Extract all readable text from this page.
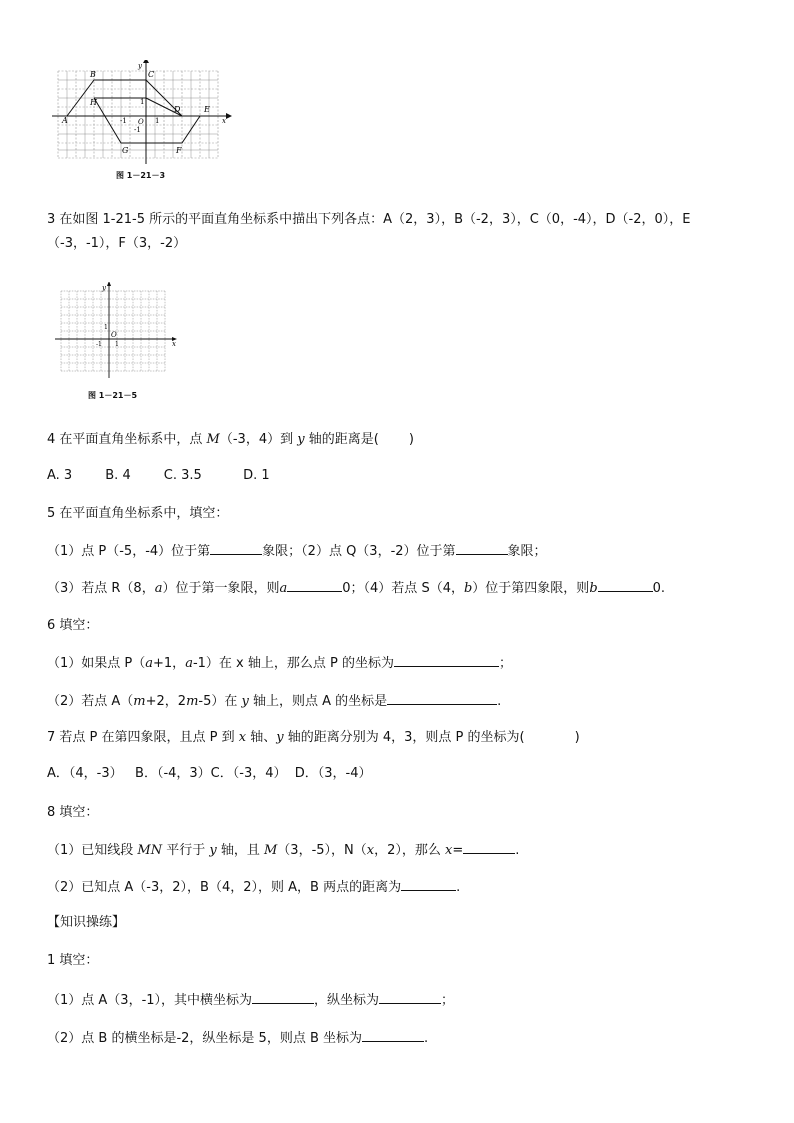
B	C
H
A
D	E
G	F
x
y
-1	1
O
1
-1
图 1－21－3
3 在如图 1-21-5 所示的平面直角坐标系中描出下列各点：A（2，3），B（-2，3），C（0，-4），D（-2，0），E
（-3，-1），F（3，-2）
x
y
O
1
1
-1
图 1－21－5
4 在平面直角坐标系中，点 M（-3，4）到 y 轴的距离是( )
A. 3        B. 4        C. 3.5          D. 1
5 在平面直角坐标系中，填空：
（1）点 P（-5，-4）位于第	象限；（2）点 Q（3，-2）位于第	象限；
（3）若点 R（8，a）位于第一象限，则a	0；（4）若点 S（4，b）位于第四象限，则b	0.
6 填空：
（1）如果点 P（a+1，a-1）在 x 轴上，那么点 P 的坐标为	；
（2）若点 A（m+2，2m-5）在 y 轴上，则点 A 的坐标是	.
7 若点 P 在第四象限，且点 P 到 x 轴、y 轴的距离分别为 4，3，则点 P 的坐标为(	)
A．（4，-3）   B．（-4，3）C．（-3，4）  D．（3，-4）
8 填空：
（1）已知线段 MN 平行于 y 轴，且 M（3，-5），N（x，2），那么 x=	.
（2）已知点 A（-3，2），B（4，2），则 A，B 两点的距离为	.
【知识操练】
1 填空：
（1）点 A（3，-1），其中横坐标为	，纵坐标为	；
（2）点 B 的横坐标是-2，纵坐标是 5，则点 B 坐标为	.
